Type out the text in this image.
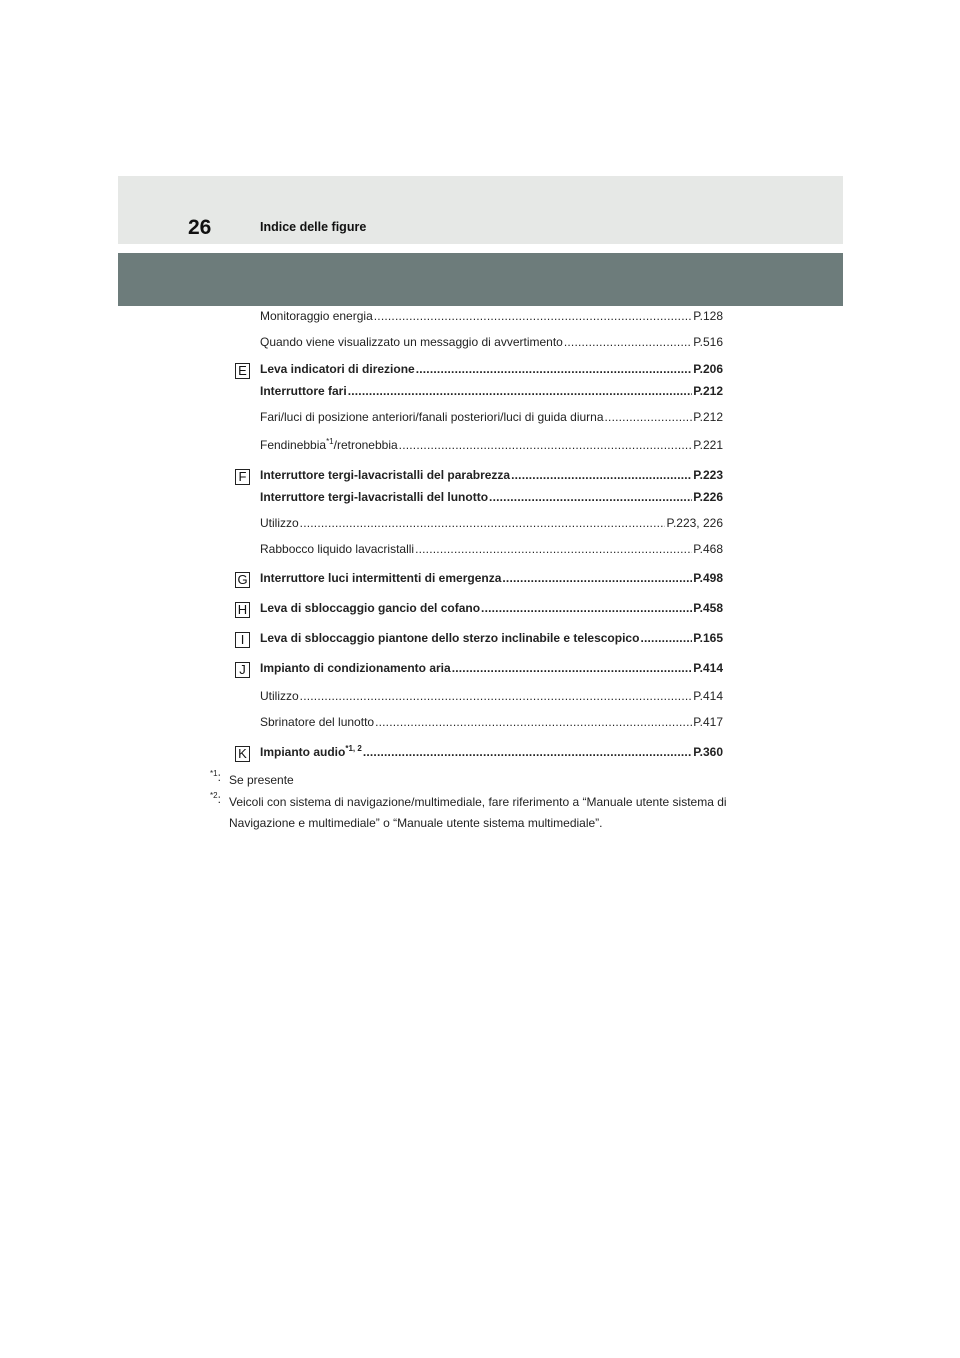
26	Indice delle figure
Monitoraggio energia .....	P.128
Quando viene visualizzato un messaggio di avvertimento .....	P.516
E Leva indicatori di direzione .....	P.206
Interruttore fari .....	P.212
Fari/luci di posizione anteriori/fanali posteriori/luci di guida diurna .....	P.212
Fendinebbia$^{*1}$/retronebbia .....	P.221
F Interruttore tergi-lavacristalli del parabrezza .....	P.223
Interruttore tergi-lavacristalli del lunotto .....	P.226
Utilizzo .....	P.223, 226
Rabbocco liquido lavacristalli .....	P.468
G Interruttore luci intermittenti di emergenza .....	P.498
H Leva di sbloccaggio gancio del cofano .....	P.458
I	Leva di sbloccaggio piantone dello sterzo inclinabile e telescopico .....	P.165
J	Impianto di condizionamento aria .....	P.414
Utilizzo .....	P.414
Sbrinatore del lunotto .....	P.417
K Impianto audio$^{*1, 2}$ .....	P.360
$^{*1}$: Se presente
$^{*2}$: Veicoli con sistema di navigazione/multimediale, fare riferimento a “Manuale utente sistema di Navigazione e multimediale” o “Manuale utente sistema multimediale”.
